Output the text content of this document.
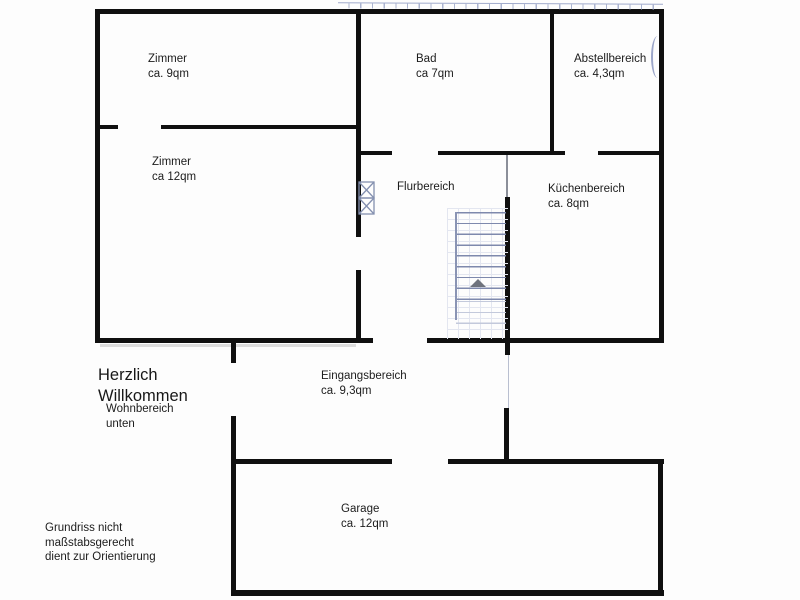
Zimmer
ca. 9qm
Zimmer
ca 12qm
Bad
ca 7qm
Abstellbereich
ca. 4,3qm
Flurbereich	Küchenbereich
ca. 8qm
Eingangsbereich
ca. 9,3qm
Garage
ca. 12qm
Herzlich
Willkommen
Wohnbereich
unten
Grundriss nicht
maßstabsgerecht
dient zur Orientierung
